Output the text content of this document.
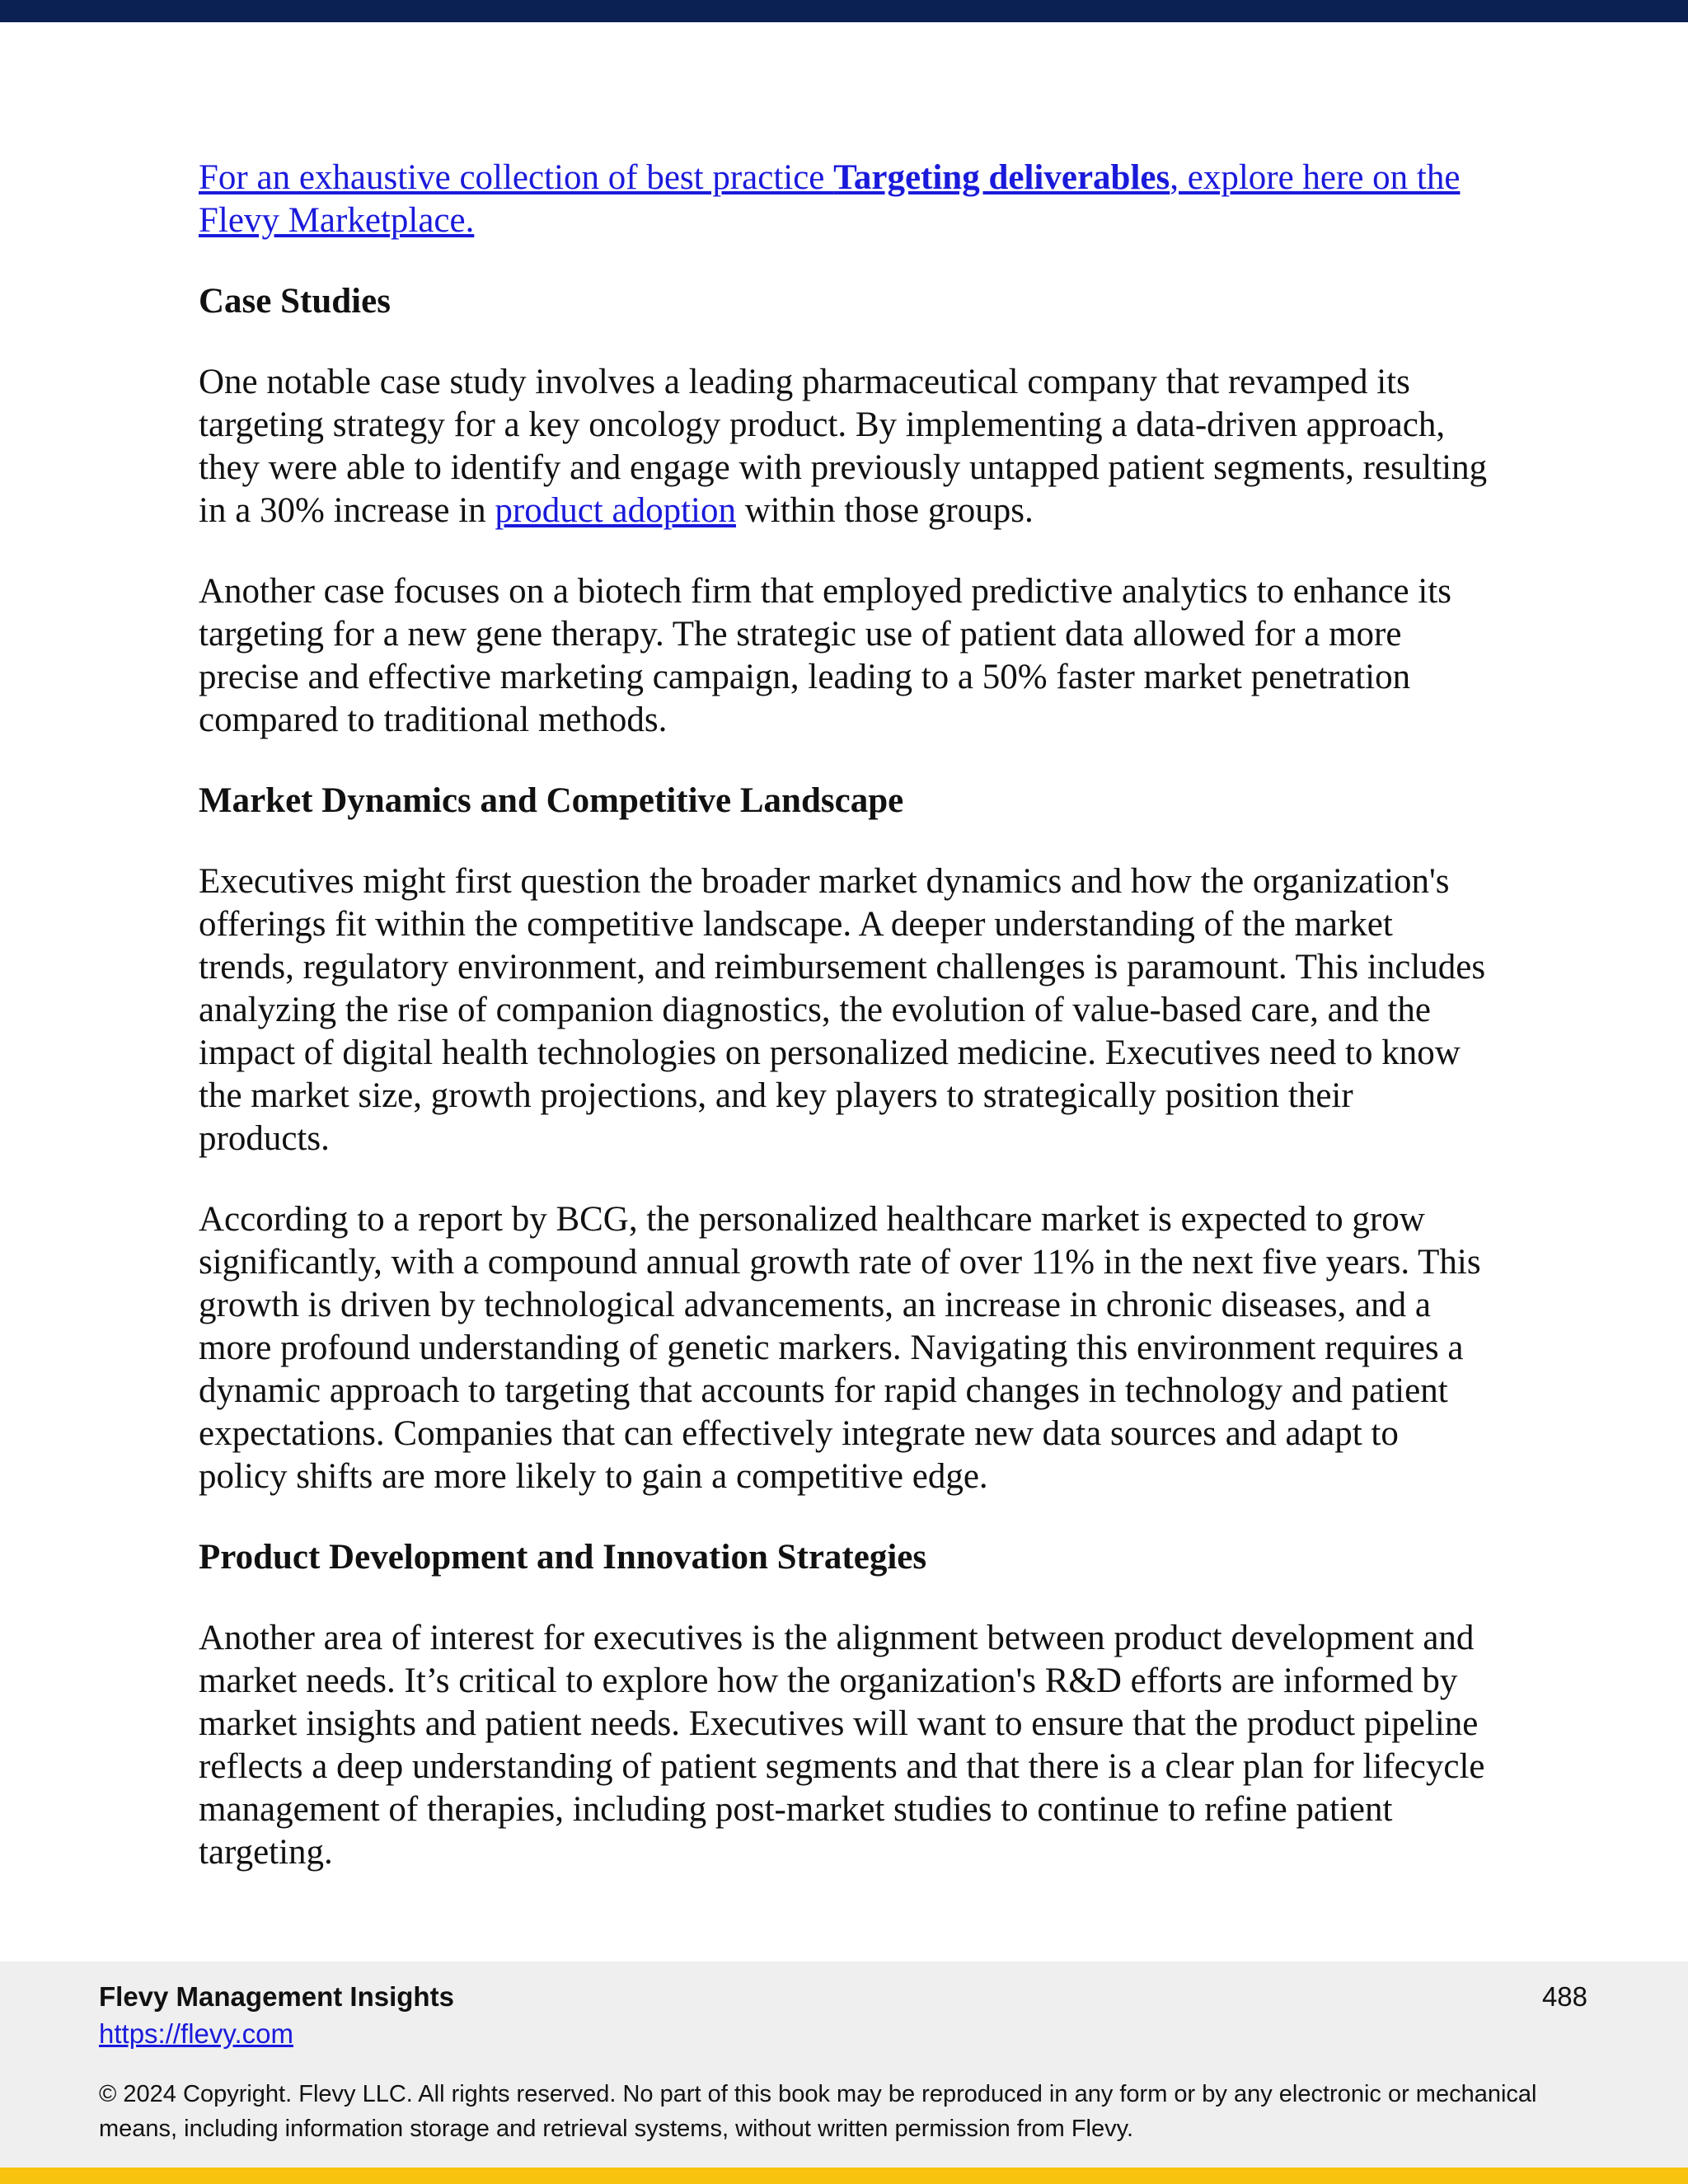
For an exhaustive collection of best practice Targeting deliverables, explore here on the Flevy Marketplace.

Case Studies

One notable case study involves a leading pharmaceutical company that revamped its targeting strategy for a key oncology product. By implementing a data-driven approach, they were able to identify and engage with previously untapped patient segments, resulting in a 30% increase in product adoption within those groups.

Another case focuses on a biotech firm that employed predictive analytics to enhance its targeting for a new gene therapy. The strategic use of patient data allowed for a more precise and effective marketing campaign, leading to a 50% faster market penetration compared to traditional methods.

Market Dynamics and Competitive Landscape

Executives might first question the broader market dynamics and how the organization's offerings fit within the competitive landscape. A deeper understanding of the market trends, regulatory environment, and reimbursement challenges is paramount. This includes analyzing the rise of companion diagnostics, the evolution of value-based care, and the impact of digital health technologies on personalized medicine. Executives need to know the market size, growth projections, and key players to strategically position their products.

According to a report by BCG, the personalized healthcare market is expected to grow significantly, with a compound annual growth rate of over 11% in the next five years. This growth is driven by technological advancements, an increase in chronic diseases, and a more profound understanding of genetic markers. Navigating this environment requires a dynamic approach to targeting that accounts for rapid changes in technology and patient expectations. Companies that can effectively integrate new data sources and adapt to policy shifts are more likely to gain a competitive edge.

Product Development and Innovation Strategies

Another area of interest for executives is the alignment between product development and market needs. It’s critical to explore how the organization's R&D efforts are informed by market insights and patient needs. Executives will want to ensure that the product pipeline reflects a deep understanding of patient segments and that there is a clear plan for lifecycle management of therapies, including post-market studies to continue to refine patient targeting.

Flevy Management Insights
https://flevy.com
488
© 2024 Copyright. Flevy LLC. All rights reserved. No part of this book may be reproduced in any form or by any electronic or mechanical means, including information storage and retrieval systems, without written permission from Flevy.
